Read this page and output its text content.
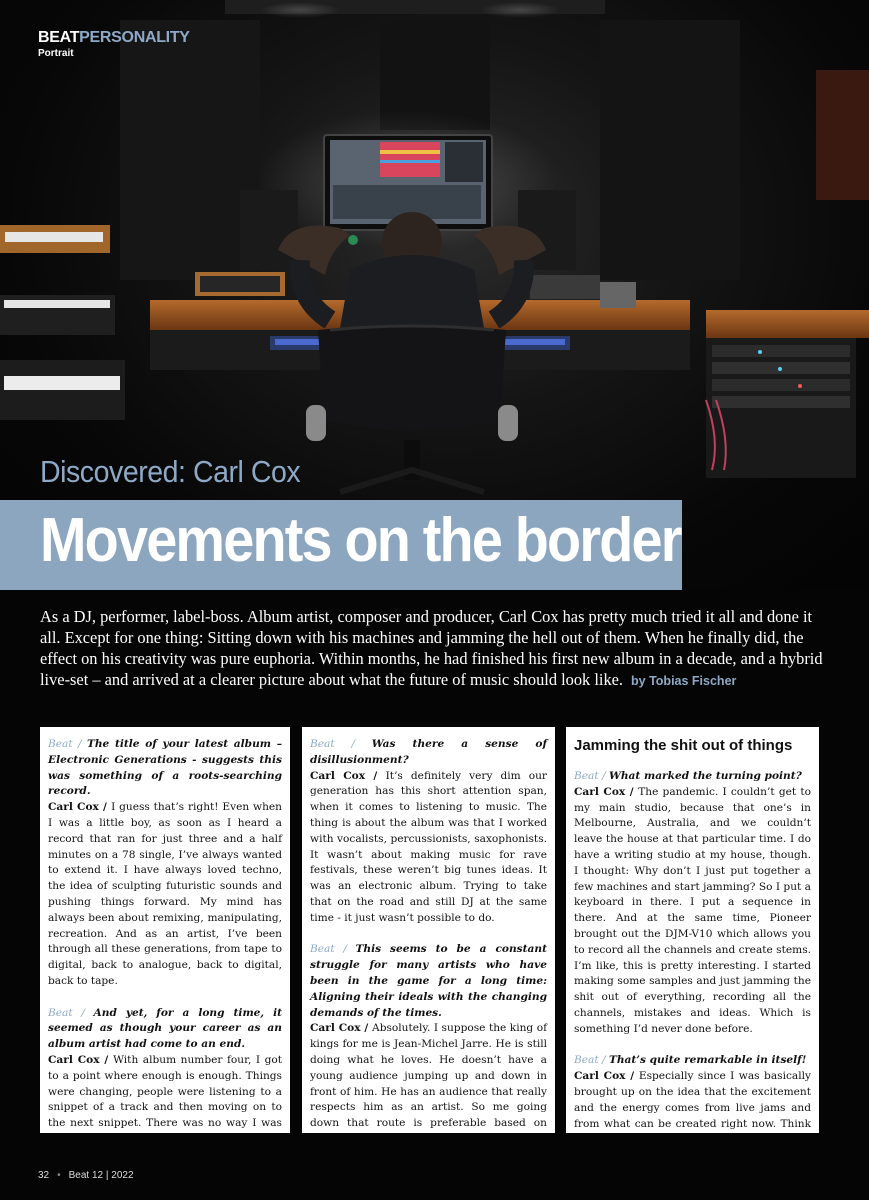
BEATPERSONALITY
Portrait
Discovered: Carl Cox
Movements on the border
As a DJ, performer, label-boss. Album artist, composer and producer, Carl Cox has pretty much tried it all and done it all. Except for one thing: Sitting down with his machines and jamming the hell out of them. When he finally did, the effect on his creativity was pure euphoria. Within months, he had finished his first new album in a decade, and a hybrid live-set – and arrived at a clearer picture about what the future of music should look like. by Tobias Fischer
Beat / The title of your latest album – Electronic Generations - suggests this was something of a roots-searching record.
Carl Cox / I guess that’s right! Even when I was a little boy, as soon as I heard a record that ran for just three and a half minutes on a 78 single, I’ve always wanted to extend it. I have always loved techno, the idea of sculpting futuristic sounds and pushing things forward. My mind has always been about remixing, manipulating, recreation. And as an artist, I’ve been through all these generations, from tape to digital, back to analogue, back to digital, back to tape.
Beat / And yet, for a long time, it seemed as though your career as an album artist had come to an end.
Carl Cox / With album number four, I got to a point where enough is enough. Things were changing, people were listening to a snippet of a track and then moving on to the next snippet. There was no way I was
Beat / Was there a sense of disillusionment?
Carl Cox / It’s definitely very dim our generation has this short attention span, when it comes to listening to music. The thing is about the album was that I worked with vocalists, percussionists, saxophonists. It wasn’t about making music for rave festivals, these weren’t big tunes ideas. It was an electronic album. Trying to take that on the road and still DJ at the same time - it just wasn’t possible to do.
Beat / This seems to be a constant struggle for many artists who have been in the game for a long time: Aligning their ideals with the changing demands of the times.
Carl Cox / Absolutely. I suppose the king of kings for me is Jean-Michel Jarre. He is still doing what he loves. He doesn’t have a young audience jumping up and down in front of him. He has an audience that really respects him as an artist. So me going down that route is preferable based on
Jamming the shit out of things
Beat / What marked the turning point?
Carl Cox / The pandemic. I couldn’t get to my main studio, because that one’s in Melbourne, Australia, and we couldn’t leave the house at that particular time. I do have a writing studio at my house, though. I thought: Why don’t I just put together a few machines and start jamming? So I put a keyboard in there. I put a sequence in there. And at the same time, Pioneer brought out the DJM-V10 which allows you to record all the channels and create stems. I’m like, this is pretty interesting. I started making some samples and just jamming the shit out of everything, recording all the channels, mistakes and ideas. Which is something I’d never done before.
Beat / That’s quite remarkable in itself!
Carl Cox / Especially since I was basically brought up on the idea that the excitement and the energy comes from live jams and from what can be created right now. Think
32 • Beat 12 | 2022
